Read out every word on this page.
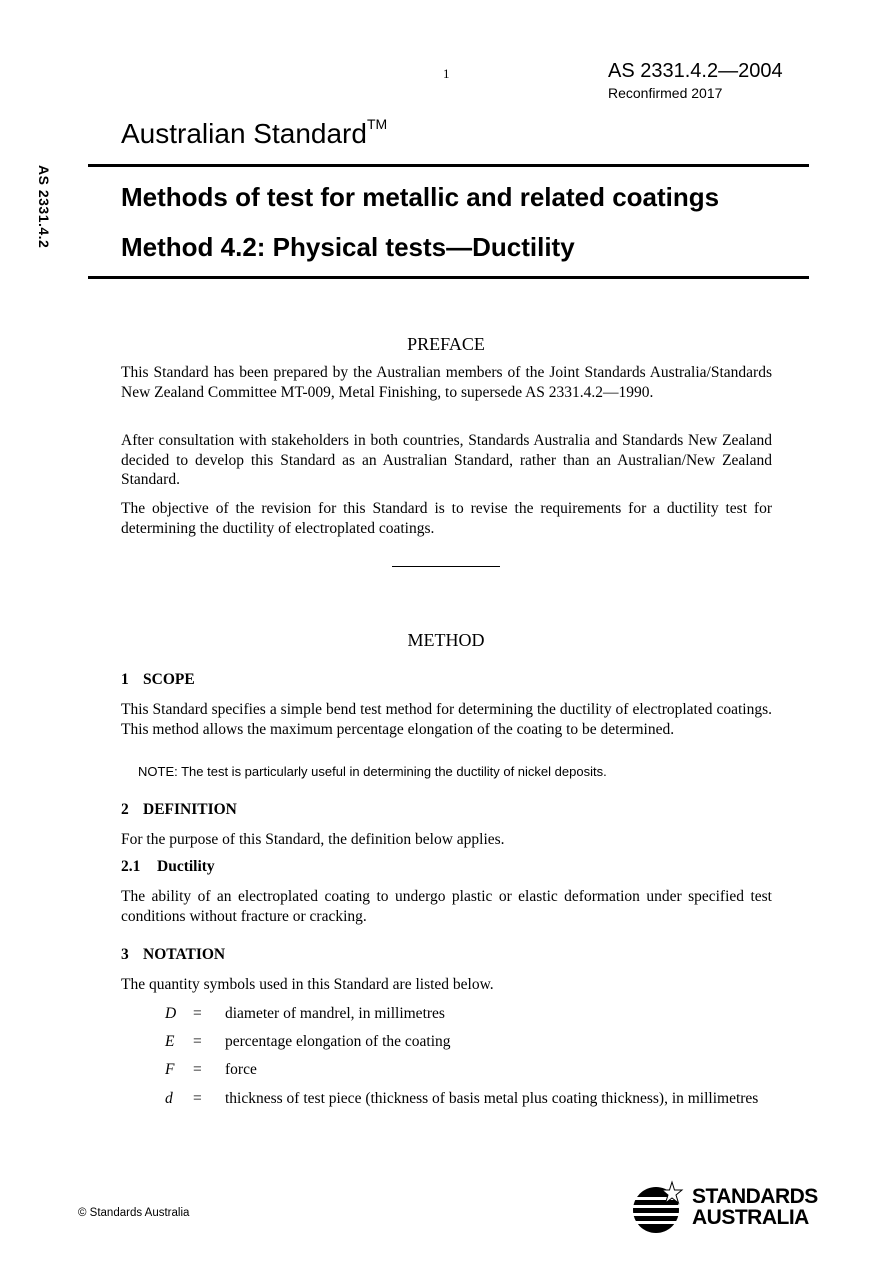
1	AS 2331.4.2—2004
Reconfirmed 2017
AS 2331.4.2
Australian Standard™
Methods of test for metallic and related coatings
Method 4.2: Physical tests—Ductility
PREFACE
This Standard has been prepared by the Australian members of the Joint Standards Australia/Standards New Zealand Committee MT-009, Metal Finishing, to supersede AS 2331.4.2—1990.
After consultation with stakeholders in both countries, Standards Australia and Standards New Zealand decided to develop this Standard as an Australian Standard, rather than an Australian/New Zealand Standard.
The objective of the revision for this Standard is to revise the requirements for a ductility test for determining the ductility of electroplated coatings.
METHOD
1 SCOPE
This Standard specifies a simple bend test method for determining the ductility of electroplated coatings. This method allows the maximum percentage elongation of the coating to be determined.
NOTE: The test is particularly useful in determining the ductility of nickel deposits.
2 DEFINITION
For the purpose of this Standard, the definition below applies.
2.1 Ductility
The ability of an electroplated coating to undergo plastic or elastic deformation under specified test conditions without fracture or cracking.
3 NOTATION
The quantity symbols used in this Standard are listed below.
D	=	diameter of mandrel, in millimetres
E	=	percentage elongation of the coating
F	=	force
d	=	thickness of test piece (thickness of basis metal plus coating thickness), in millimetres
© Standards Australia
STANDARDS
AUSTRALIA
